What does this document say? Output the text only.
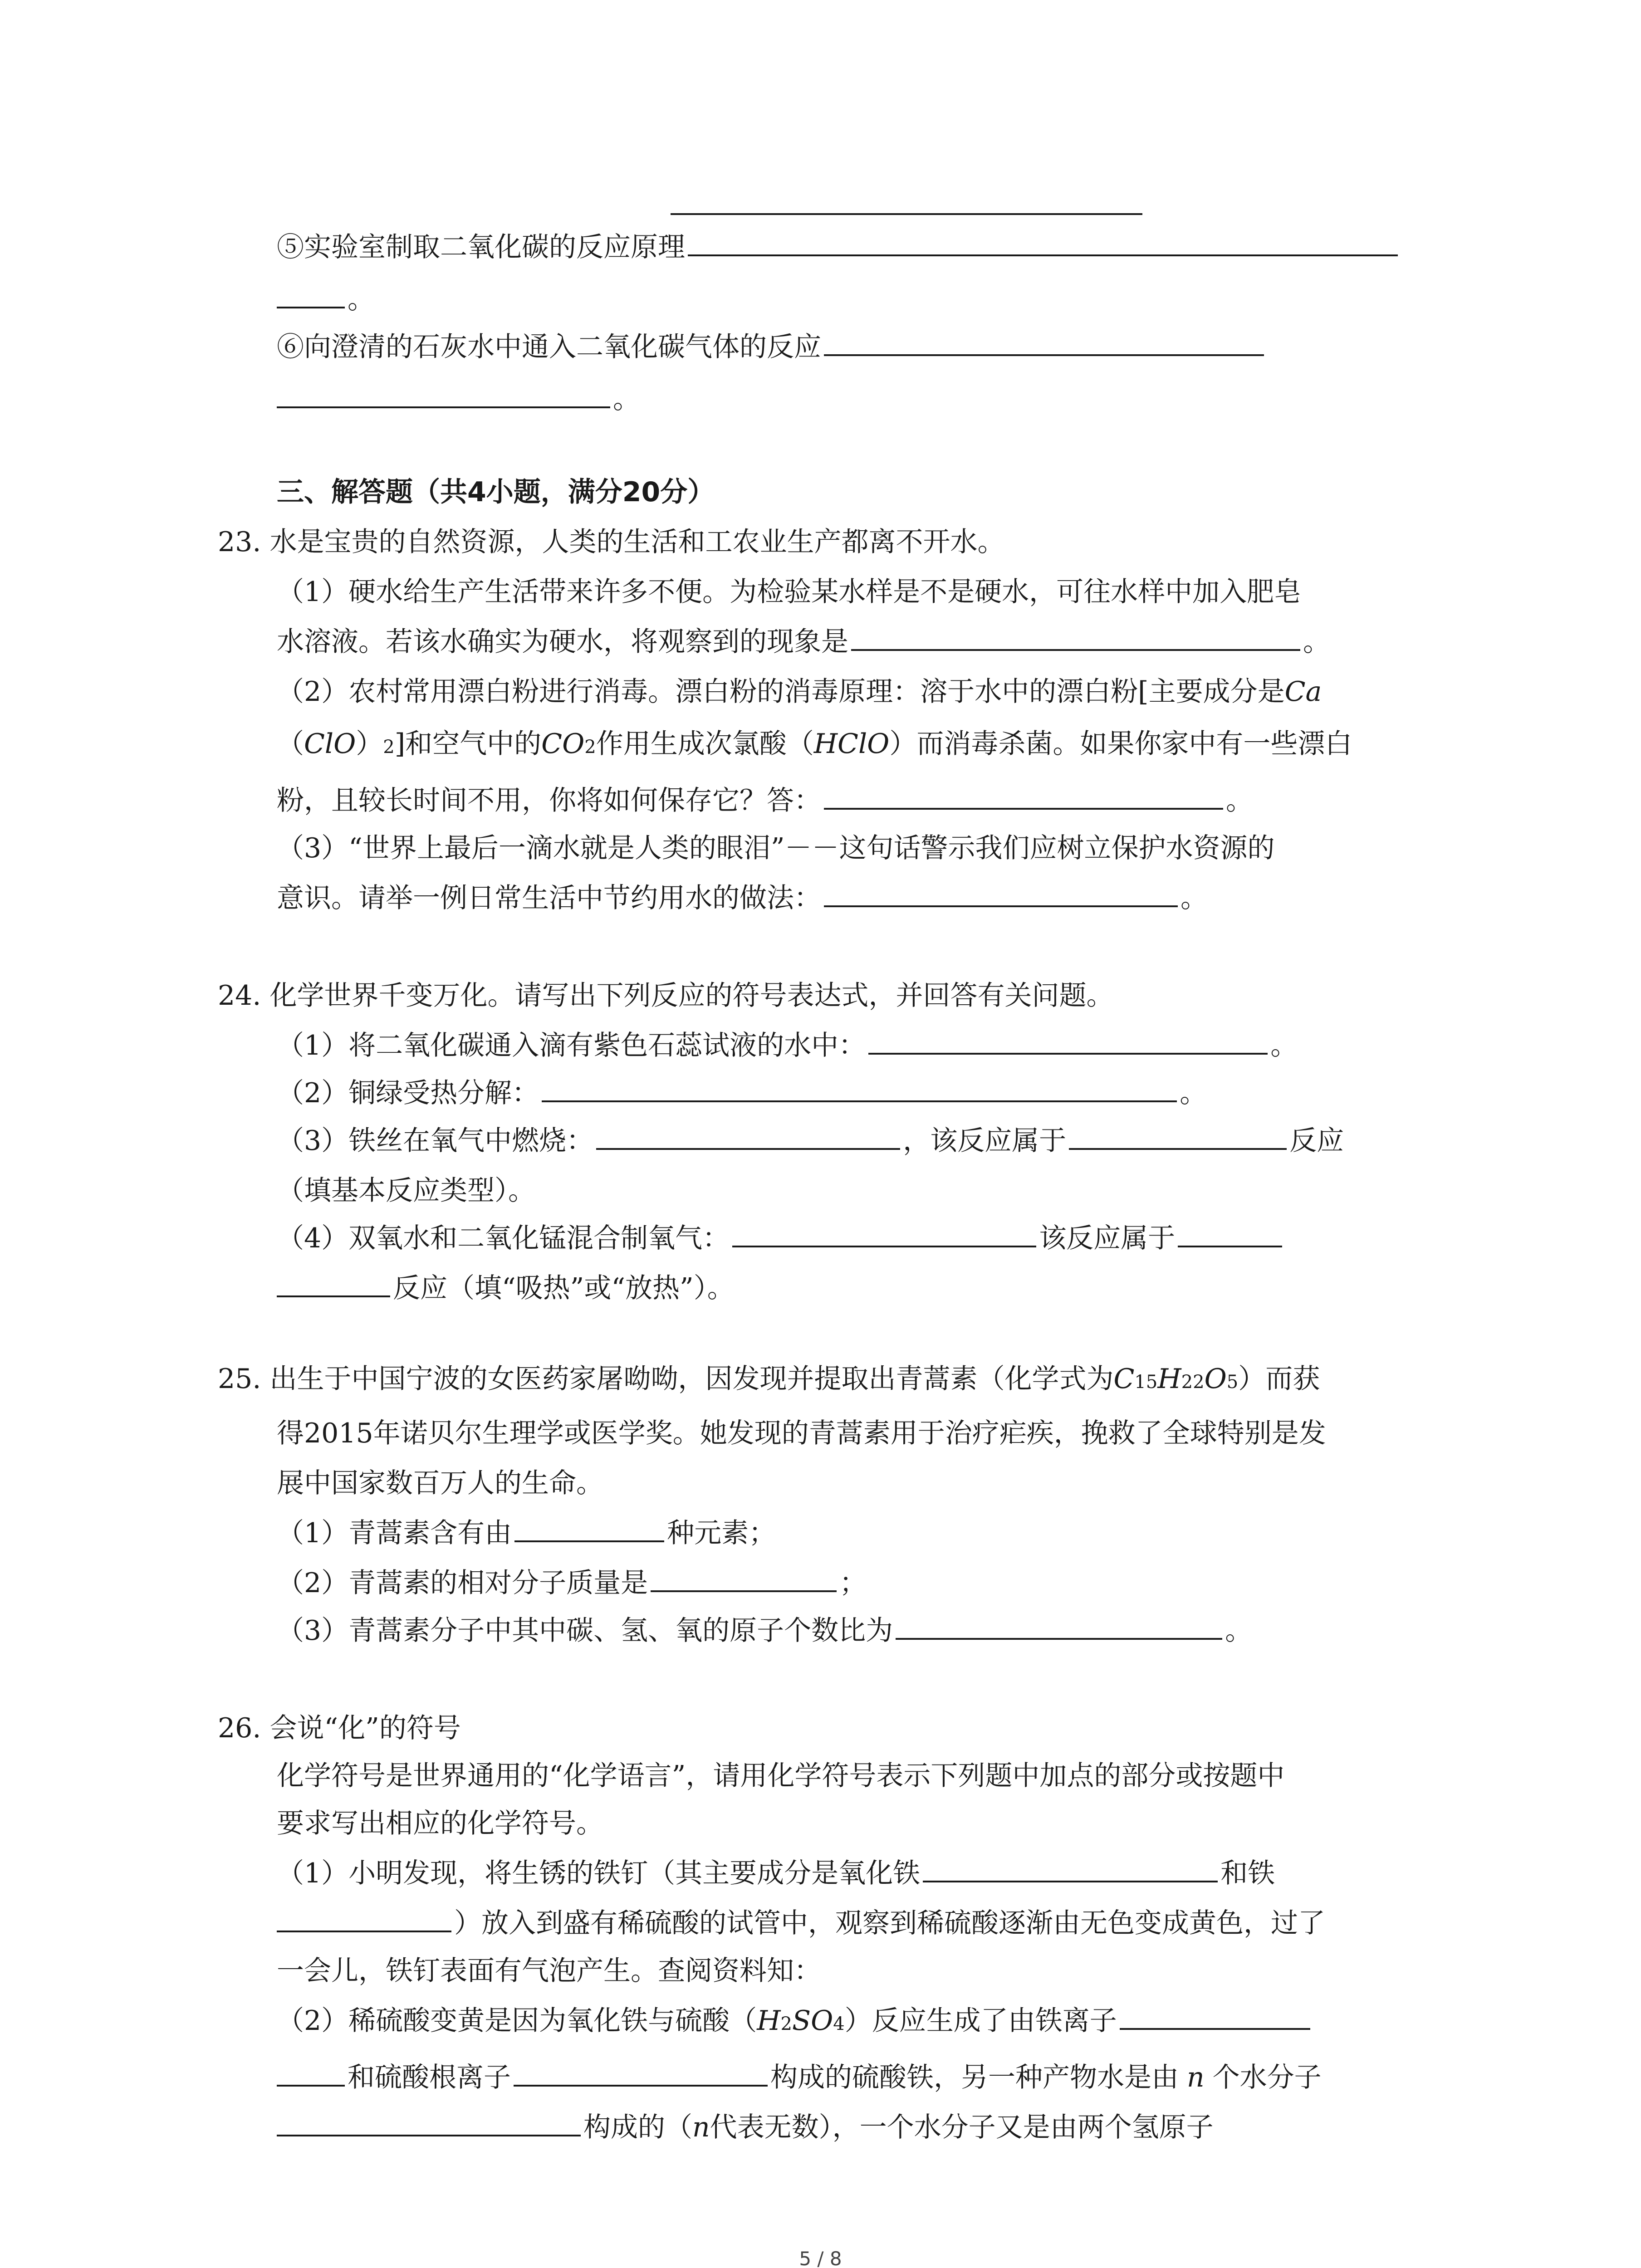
⑤实验室制取二氧化碳的反应原理
。
⑥向澄清的石灰水中通入二氧化碳气体的反应
。
三、解答题（共4小题，满分20分）
23. 水是宝贵的自然资源，人类的生活和工农业生产都离不开水。
（1）硬水给生产生活带来许多不便。为检验某水样是不是硬水，可往水样中加入肥皂
水溶液。若该水确实为硬水，将观察到的现象是	。
（2）农村常用漂白粉进行消毒。漂白粉的消毒原理：溶于水中的漂白粉[主要成分是Ca
（ClO）2]和空气中的CO2作用生成次氯酸（HClO）而消毒杀菌。如果你家中有一些漂白
粉，且较长时间不用，你将如何保存它？答：	。
（3）“世界上最后一滴水就是人类的眼泪”－－这句话警示我们应树立保护水资源的
意识。请举一例日常生活中节约用水的做法：	。
24. 化学世界千变万化。请写出下列反应的符号表达式，并回答有关问题。
（1）将二氧化碳通入滴有紫色石蕊试液的水中：	。
（2）铜绿受热分解：	。
（3）铁丝在氧气中燃烧：	，该反应属于	反应
（填基本反应类型）。
（4）双氧水和二氧化锰混合制氧气：	该反应属于
反应（填“吸热”或“放热”）。
25. 出生于中国宁波的女医药家屠呦呦，因发现并提取出青蒿素（化学式为C15H22O5）而获
得2015年诺贝尔生理学或医学奖。她发现的青蒿素用于治疗疟疾，挽救了全球特别是发
展中国家数百万人的生命。
（1）青蒿素含有由	种元素；
（2）青蒿素的相对分子质量是	；
（3）青蒿素分子中其中碳、氢、氧的原子个数比为	。
26. 会说“化”的符号
化学符号是世界通用的“化学语言”，请用化学符号表示下列题中加点的部分或按题中
要求写出相应的化学符号。
（1）小明发现，将生锈的铁钉（其主要成分是氧化铁	和铁
）放入到盛有稀硫酸的试管中，观察到稀硫酸逐渐由无色变成黄色，过了
一会儿，铁钉表面有气泡产生。查阅资料知：
（2）稀硫酸变黄是因为氧化铁与硫酸（H2SO4）反应生成了由铁离子
和硫酸根离子	构成的硫酸铁，另一种产物水是由 n 个水分子
构成的（n代表无数），一个水分子又是由两个氢原子
5 / 8
